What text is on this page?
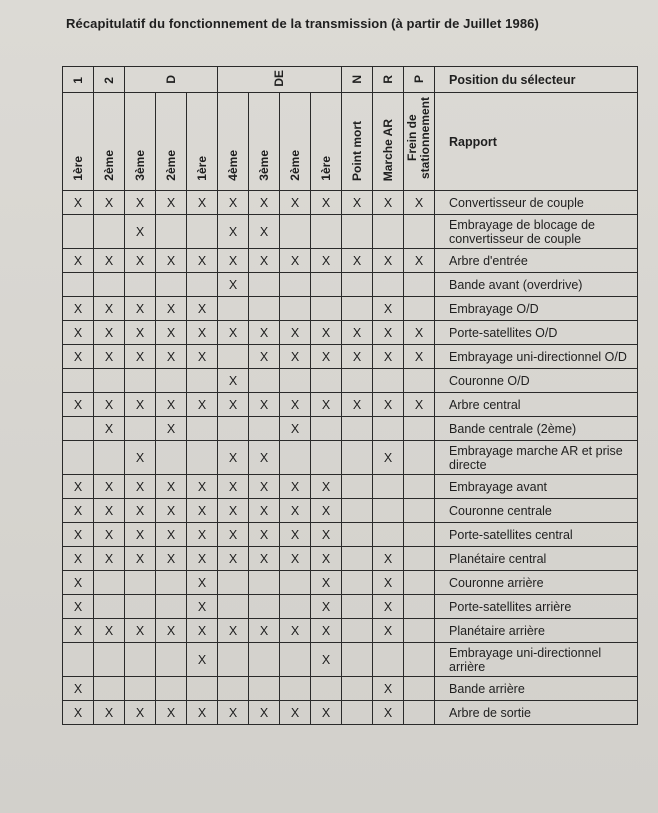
Récapitulatif du fonctionnement de la transmission (à partir de Juillet 1986)
1	2	D			DE				N	R	P	Position du sélecteur
1ère	2ème	3ème	2ème	1ère	4ème	3ème	2ème	1ère	Point mort	Marche AR	Frein de stationnement	Rapport
X	X	X	X	X	X	X	X	X	X	X	X	Convertisseur de couple
		X			X	X						Embrayage de blocage de convertisseur de couple
X	X	X	X	X	X	X	X	X	X	X	X	Arbre d'entrée
					X							Bande avant (overdrive)
X	X	X	X	X						X		Embrayage O/D
X	X	X	X	X	X	X	X	X	X	X	X	Porte-satellites O/D
X	X	X	X	X		X	X	X	X	X	X	Embrayage uni-directionnel O/D
					X							Couronne O/D
X	X	X	X	X	X	X	X	X	X	X	X	Arbre central
	X		X				X					Bande centrale (2ème)
		X			X	X				X		Embrayage marche AR et prise directe
X	X	X	X	X	X	X	X	X				Embrayage avant
X	X	X	X	X	X	X	X	X				Couronne centrale
X	X	X	X	X	X	X	X	X				Porte-satellites central
X	X	X	X	X	X	X	X	X		X		Planétaire central
X				X				X		X		Couronne arrière
X				X				X		X		Porte-satellites arrière
X	X	X	X	X	X	X	X	X		X		Planétaire arrière
				X				X				Embrayage uni-directionnel arrière
X										X		Bande arrière
X	X	X	X	X	X	X	X	X		X		Arbre de sortie
